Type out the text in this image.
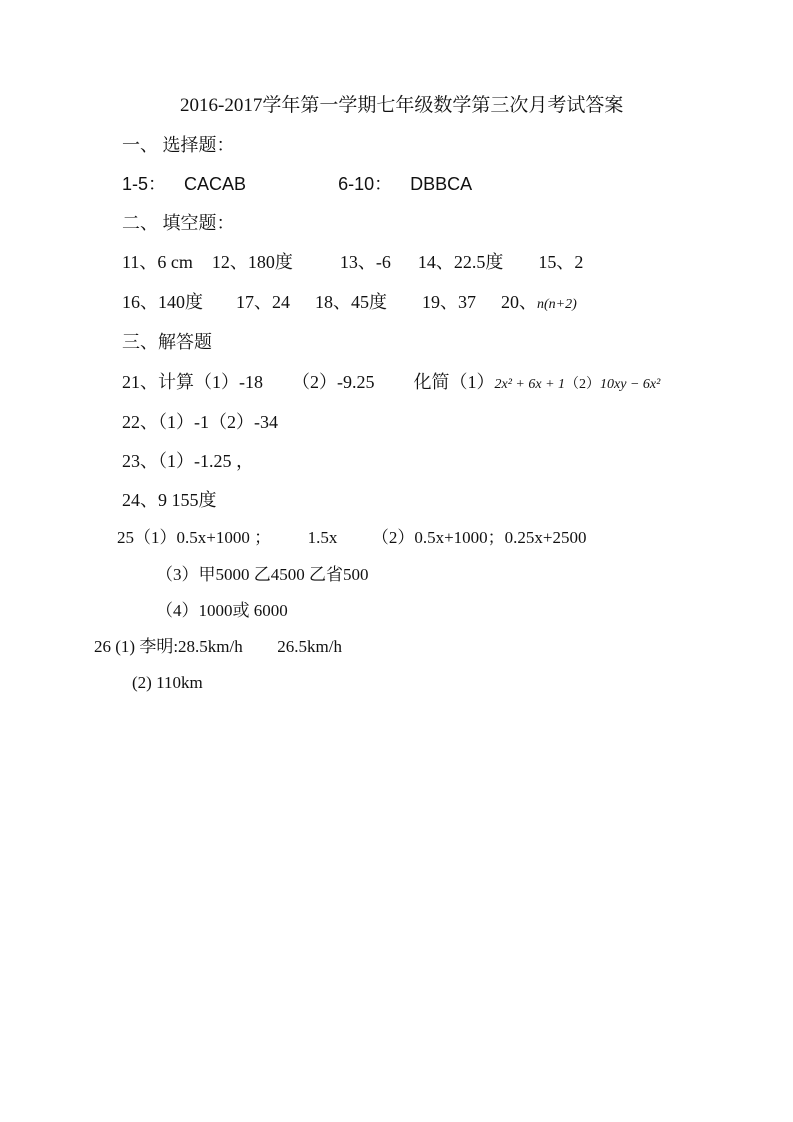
2016-2017学年第一学期七年级数学第三次月考试答案
一、 选择题：
1-5： CACAB	6-10： DBBCA
二、 填空题：
11、6 cm 12、180度	13、-6 14、22.5度 15、2
16、140度 17、24 18、45度 19、37 20、n(n+2)
三、解答题
21、计算（1）-18 （2）-9.25 化简（1）2x² + 6x + 1（2）10xy − 6x²
22、（1）-1（2）-34
23、（1）-1.25 ，
24、9 155度
25（1）0.5x+1000 ； 1.5x （2）0.5x+1000；0.25x+2500
（3）甲5000 乙4500 乙省500
（4）1000或 6000
26 (1) 李明:28.5km/h 26.5km/h
(2) 110km
